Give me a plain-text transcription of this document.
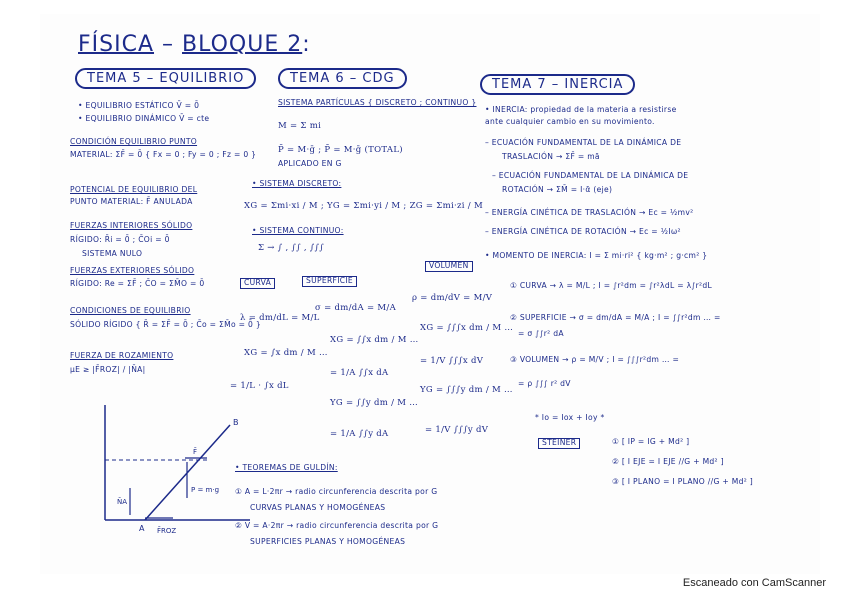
FÍSICA – BLOQUE 2:
TEMA 5 – EQUILIBRIO
• EQUILIBRIO ESTÁTICO V̄ = 0̄
• EQUILIBRIO DINÁMICO V̄ = cte
CONDICIÓN EQUILIBRIO PUNTO
MATERIAL: ΣF̄ = 0̄ { Fx = 0 ; Fy = 0 ; Fz = 0 }
POTENCIAL DE EQUILIBRIO DEL
PUNTO MATERIAL: F̄ ANULADA
FUERZAS INTERIORES SÓLIDO
RÍGIDO: R̄i = 0̄ ; C̄Oi = 0̄
SISTEMA NULO
FUERZAS EXTERIORES SÓLIDO
RÍGIDO: Re = ΣF̄ ; C̄O = ΣM̄O = 0̄
CONDICIONES DE EQUILIBRIO
SÓLIDO RÍGIDO { R̄ = ΣF̄ = 0̄ ; C̄o = ΣM̄o = 0̄ }
FUERZA DE ROZAMIENTO
μE ≥ |F̄ROZ| / |N̄A|
B
A
N̄A
F̄ROZ
P = m·g
F̄
TEMA 6 – CDG
SISTEMA PARTÍCULAS { DISCRETO ; CONTINUO }
M = Σ mi
P̄ = M·ḡ ; P̄ = M·ḡ (TOTAL)
APLICADO EN G
• SISTEMA DISCRETO:
XG = Σmi·xi / M ; YG = Σmi·yi / M ; ZG = Σmi·zi / M
• SISTEMA CONTINUO:
Σ → ∫ , ∫∫ , ∫∫∫
CURVA	SUPERFICIE
VOLUMEN
λ = dm/dL = M/L
σ = dm/dA = M/A
ρ = dm/dV = M/V
XG = ∫x dm / M …
XG = ∫∫x dm / M …
XG = ∫∫∫x dm / M …
= 1/L · ∫x dL
= 1/A ∫∫x dA
= 1/V ∫∫∫x dV
YG = ∫∫y dm / M …
YG = ∫∫∫y dm / M …
= 1/A ∫∫y dA	= 1/V ∫∫∫y dV
• TEOREMAS DE GULDÍN:
① A = L·2πr → radio circunferencia descrita por G
CURVAS PLANAS Y HOMOGÉNEAS
② V = A·2πr → radio circunferencia descrita por G
SUPERFICIES PLANAS Y HOMOGÉNEAS
TEMA 7 – INERCIA
• INERCIA: propiedad de la materia a resistirse
ante cualquier cambio en su movimiento.
– ECUACIÓN FUNDAMENTAL DE LA DINÁMICA DE
TRASLACIÓN → ΣF̄ = mā
– ECUACIÓN FUNDAMENTAL DE LA DINÁMICA DE
ROTACIÓN → ΣM̄ = I·ᾱ (eje)
– ENERGÍA CINÉTICA DE TRASLACIÓN → Ec = ½mv²
– ENERGÍA CINÉTICA DE ROTACIÓN → Ec = ½Iω²
• MOMENTO DE INERCIA: I = Σ mi·ri² { kg·m² ; g·cm² }
① CURVA → λ = M/L ; I = ∫r²dm = ∫r²λdL = λ∫r²dL
② SUPERFICIE → σ = dm/dA = M/A ; I = ∫∫r²dm … =
= σ ∫∫r² dA
③ VOLUMEN → ρ = M/V ; I = ∫∫∫r²dm … =
= ρ ∫∫∫ r² dV
* Io = Iox + Ioy *
STEINER	① [ IP = IG + Md² ]
② [ I EJE = I EJE //G + Md² ]
③ [ I PLANO = I PLANO //G + Md² ]
Escaneado con CamScanner
